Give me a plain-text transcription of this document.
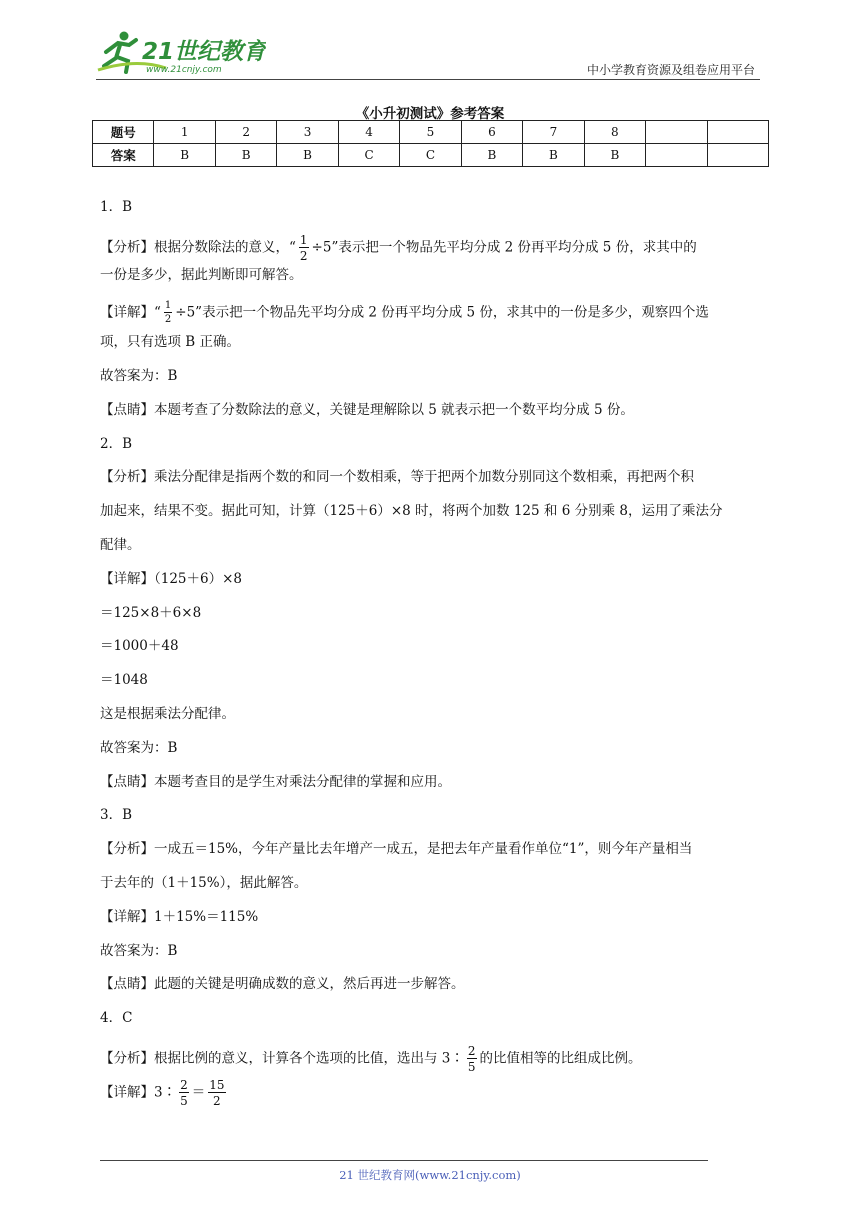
21世纪教育
www.21cnjy.com	中小学教育资源及组卷应用平台
《小升初测试》参考答案
题号	1	2	3	4	5	6	7	8		
答案	B	B	B	C	C	B	B	B		
1．B
【分析】根据分数除法的意义，“ $\frac{1}{2} \div 5$”表示把一个物品先平均分成 2 份再平均分成 5 份，求其中的
一份是多少，据此判断即可解答。
【详解】“ $\frac{1}{2} \div 5$”表示把一个物品先平均分成 2 份再平均分成 5 份，求其中的一份是多少，观察四个选
项，只有选项 B 正确。
故答案为：B
【点睛】本题考查了分数除法的意义，关键是理解除以 5 就表示把一个数平均分成 5 份。
2．B
【分析】乘法分配律是指两个数的和同一个数相乘，等于把两个加数分别同这个数相乘，再把两个积
加起来，结果不变。据此可知，计算（125＋6）×8 时，将两个加数 125 和 6 分别乘 8，运用了乘法分
配律。
【详解】（125＋6）×8
＝125×8＋6×8
＝1000＋48
＝1048
这是根据乘法分配律。
故答案为：B
【点睛】本题考查目的是学生对乘法分配律的掌握和应用。
3．B
【分析】一成五＝15%，今年产量比去年增产一成五，是把去年产量看作单位“1”，则今年产量相当
于去年的（1＋15%），据此解答。
【详解】1＋15%＝115%
故答案为：B
【点睛】此题的关键是明确成数的意义，然后再进一步解答。
4．C
【分析】根据比例的意义，计算各个选项的比值，选出与 3∶ $\frac{2}{5}$ 的比值相等的比组成比例。
【详解】3∶ $\frac{2}{5} = \frac{15}{2}$
21 世纪教育网(www.21cnjy.com)
